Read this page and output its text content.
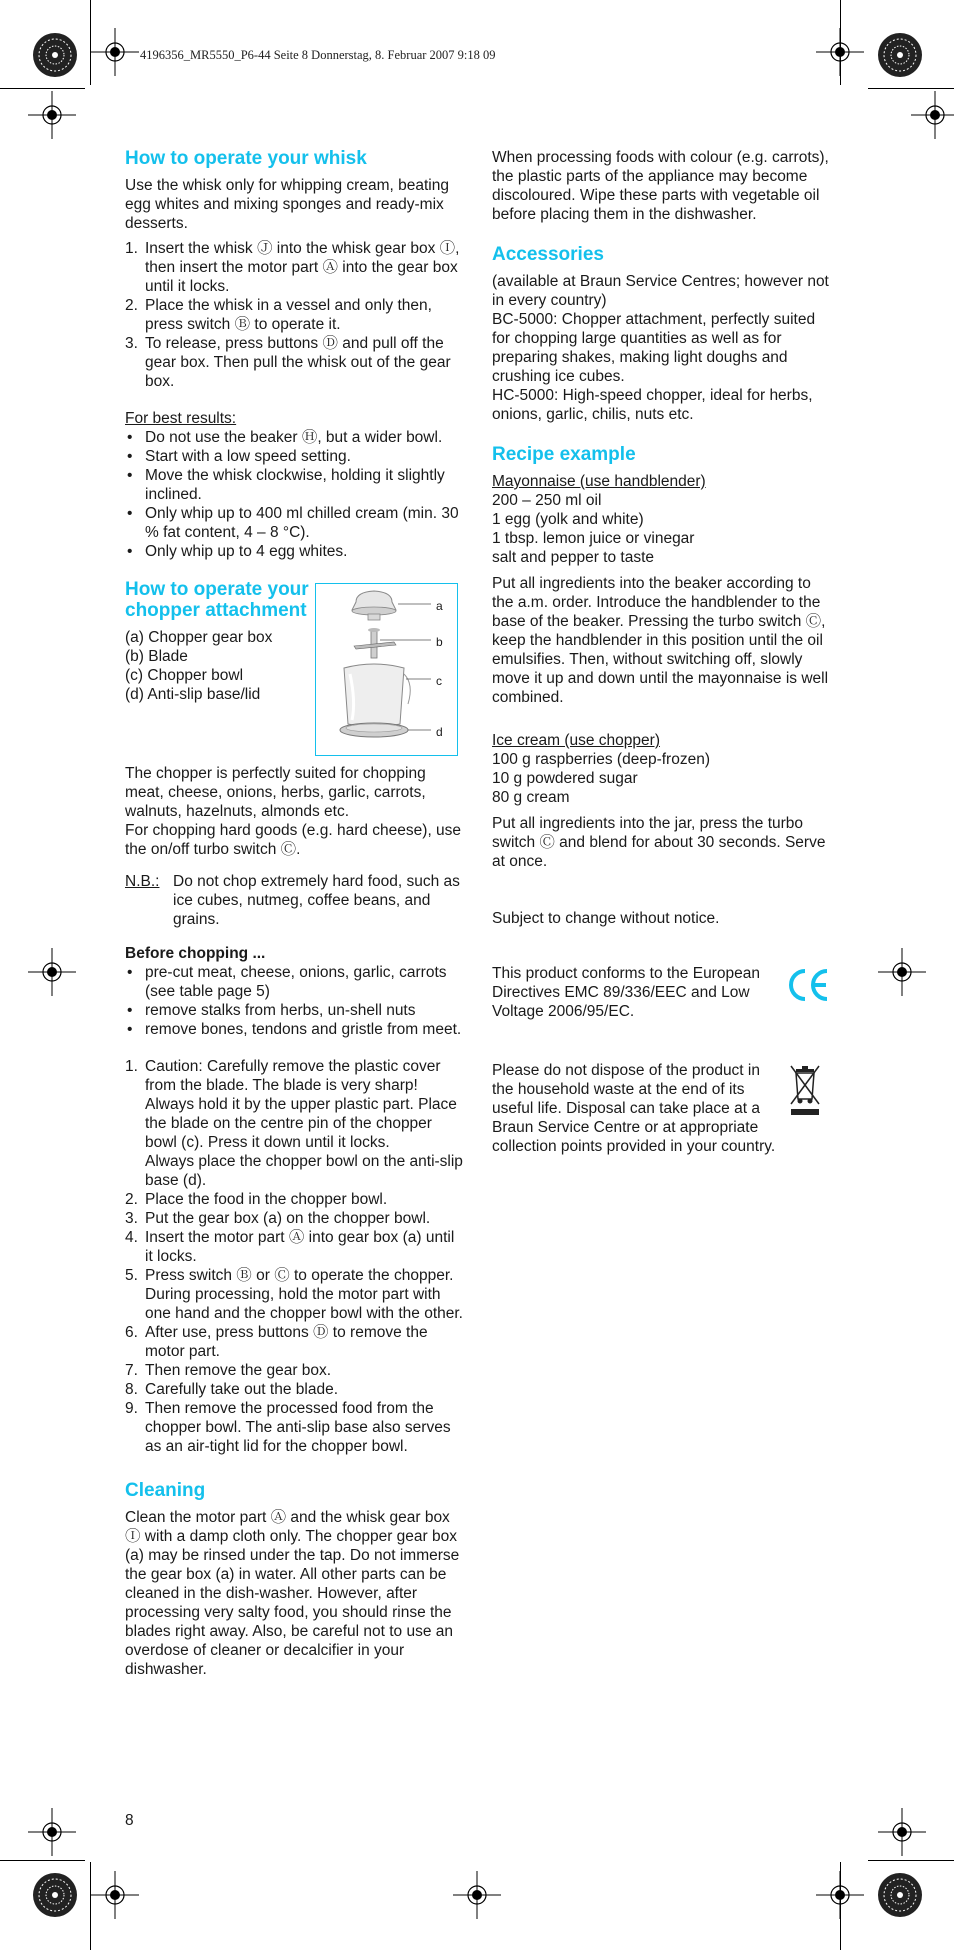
4196356_MR5550_P6-44 Seite 8 Donnerstag, 8. Februar 2007 9:18 09
How to operate your whisk

Use the whisk only for whipping cream, beating egg whites and mixing sponges and ready-mix desserts.

1. Insert the whisk Ⓙ into the whisk gear box Ⓘ, then insert the motor part Ⓐ into the gear box until it locks.
2. Place the whisk in a vessel and only then, press switch Ⓑ to operate it.
3. To release, press buttons Ⓓ and pull off the gear box. Then pull the whisk out of the gear box.
For best results:
• Do not use the beaker Ⓗ, but a wider bowl.
• Start with a low speed setting.
• Move the whisk clockwise, holding it slightly inclined.
• Only whip up to 400 ml chilled cream (min. 30 % fat content, 4 – 8 °C).
• Only whip up to 4 egg whites.
How to operate your chopper attachment
(a) Chopper gear box
(b) Blade
(c) Chopper bowl
(d) Anti-slip base/lid
a
b
c
d

The chopper is perfectly suited for chopping meat, cheese, onions, herbs, garlic, carrots, walnuts, hazelnuts, almonds etc.

For chopping hard goods (e.g. hard cheese), use the on/off turbo switch Ⓒ.

N.B.: Do not chop extremely hard food, such as ice cubes, nutmeg, coffee beans, and grains.
Before chopping ...
• pre-cut meat, cheese, onions, garlic, carrots (see table page 5)
• remove stalks from herbs, un-shell nuts
• remove bones, tendons and gristle from meet.
1. Caution: Carefully remove the plastic cover from the blade. The blade is very sharp!
Always hold it by the upper plastic part. Place the blade on the centre pin of the chopper bowl (c). Press it down until it locks.
Always place the chopper bowl on the anti-slip base (d).
2. Place the food in the chopper bowl.
3. Put the gear box (a) on the chopper bowl.
4. Insert the motor part Ⓐ into gear box (a) until it locks.
5. Press switch Ⓑ or Ⓒ to operate the chopper. During processing, hold the motor part with one hand and the chopper bowl with the other.
6. After use, press buttons Ⓓ to remove the motor part.
7. Then remove the gear box.
8. Carefully take out the blade.
9. Then remove the processed food from the chopper bowl. The anti-slip base also serves as an air-tight lid for the chopper bowl.
Cleaning

Clean the motor part Ⓐ and the whisk gear box Ⓘ with a damp cloth only. The chopper gear box (a) may be rinsed under the tap. Do not immerse the gear box (a) in water. All other parts can be cleaned in the dish-washer. However, after processing very salty food, you should rinse the blades right away. Also, be careful not to use an overdose of cleaner or decalcifier in your dishwasher.

When processing foods with colour (e.g. carrots), the plastic parts of the appliance may become discoloured. Wipe these parts with vegetable oil before placing them in the dishwasher.

Accessories
(available at Braun Service Centres; however not in every country)
BC-5000: Chopper attachment, perfectly suited for chopping large quantities as well as for preparing shakes, making light doughs and crushing ice cubes.
HC-5000: High-speed chopper, ideal for herbs, onions, garlic, chilis, nuts etc.
Recipe example
Mayonnaise (use handblender)
200 – 250 ml oil
1 egg (yolk and white)
1 tbsp. lemon juice or vinegar
salt and pepper to taste

Put all ingredients into the beaker according to the a.m. order. Introduce the handblender to the base of the beaker. Pressing the turbo switch Ⓒ, keep the handblender in this position until the oil emulsifies. Then, without switching off, slowly move it up and down until the mayonnaise is well combined.

Ice cream (use chopper)
100 g raspberries (deep-frozen)
10 g powdered sugar
80 g cream

Put all ingredients into the jar, press the turbo switch Ⓒ and blend for about 30 seconds. Serve at once.

Subject to change without notice.

This product conforms to the European Directives EMC 89/336/EEC and Low Voltage 2006/95/EC.
Please do not dispose of the product in the household waste at the end of its useful life. Disposal can take place at a Braun Service Centre or at appropriate collection points provided in your country.
8
